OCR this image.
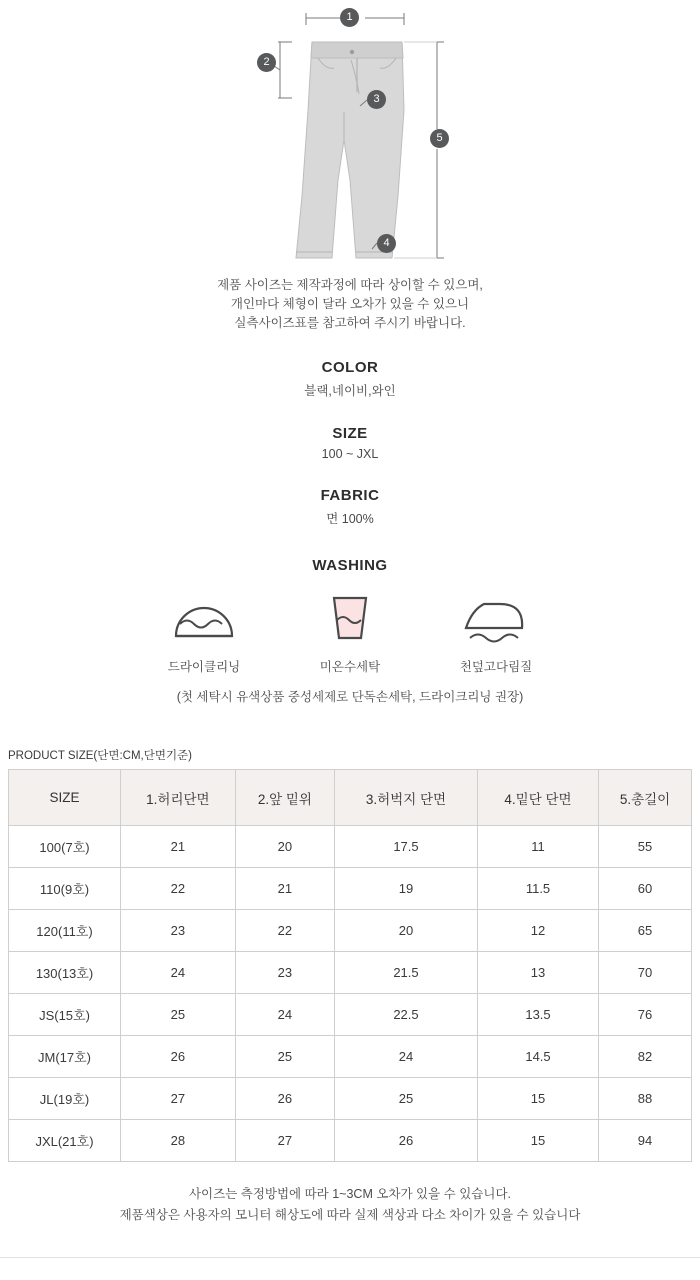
1
2
3
4
5
제품 사이즈는 제작과정에 따라 상이할 수 있으며,
개인마다 체형이 달라 오차가 있을 수 있으니
실측사이즈표를 참고하여 주시기 바랍니다.
COLOR
블랙,네이비,와인
SIZE
100 ~ JXL
FABRIC
면 100%
WASHING
드라이클리닝	미온수세탁	천덮고다림질
(첫 세탁시 유색상품 중성세제로 단독손세탁, 드라이크리닝 권장)
PRODUCT SIZE(단면:CM,단면기준)
SIZE	1.허리단면	2.앞 밑위	3.허벅지 단면	4.밑단 단면	5.총길이
100(7호)	21	20	17.5	11	55
110(9호)	22	21	19	11.5	60
120(11호)	23	22	20	12	65
130(13호)	24	23	21.5	13	70
JS(15호)	25	24	22.5	13.5	76
JM(17호)	26	25	24	14.5	82
JL(19호)	27	26	25	15	88
JXL(21호)	28	27	26	15	94
사이즈는 측정방법에 따라 1~3CM 오차가 있을 수 있습니다.
제품색상은 사용자의 모니터 해상도에 따라 실제 색상과 다소 차이가 있을 수 있습니다
